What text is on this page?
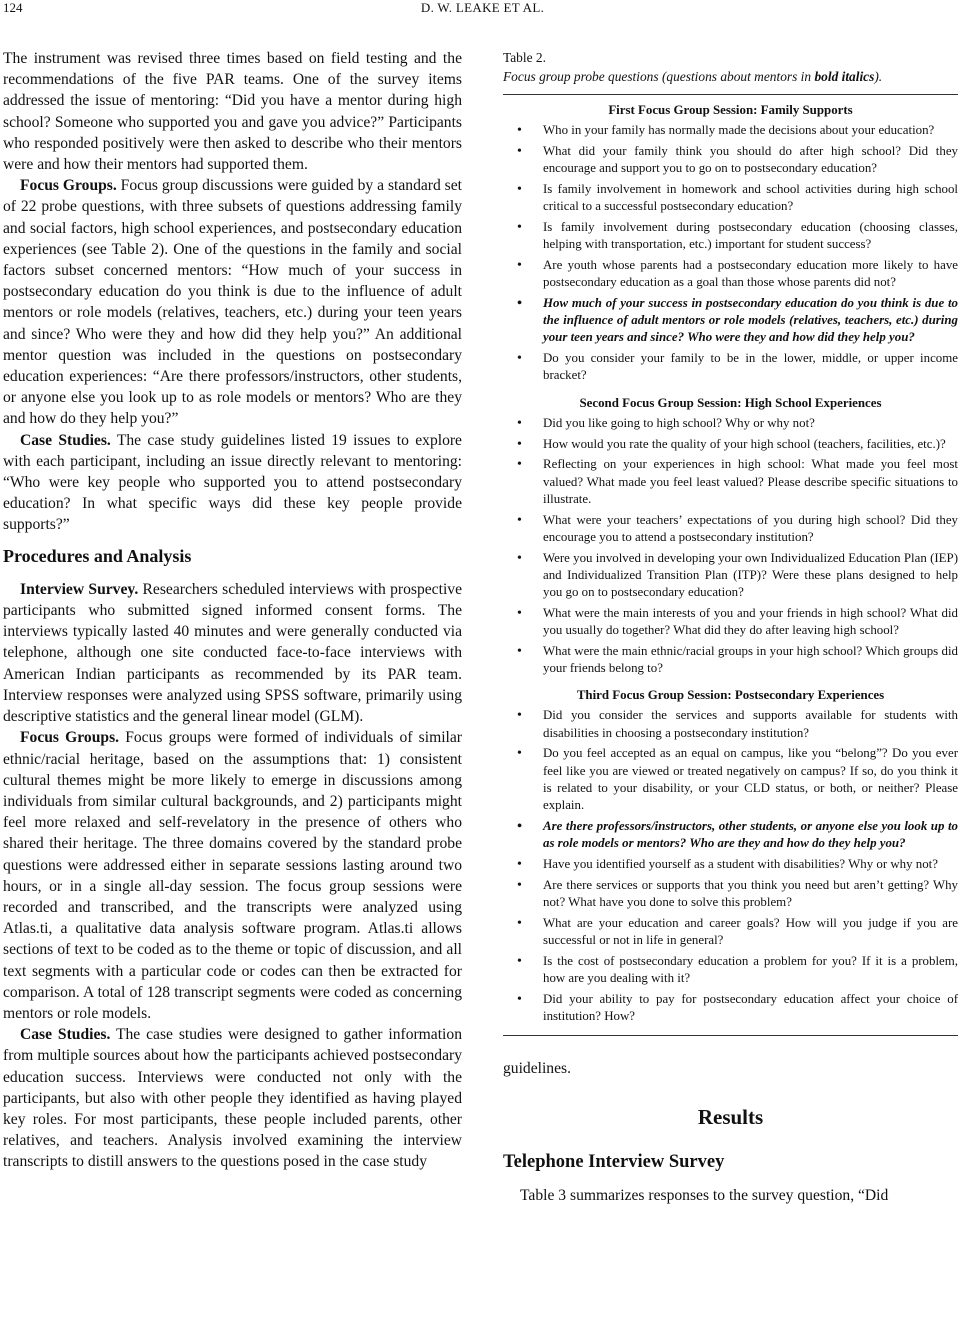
124	D. W. LEAKE ET AL.

The instrument was revised three times based on field testing and the recommendations of the five PAR teams. One of the survey items addressed the issue of mentoring: “Did you have a mentor during high school? Someone who supported you and gave you advice?” Participants who responded positively were then asked to describe who their mentors were and how their mentors had supported them.

Focus Groups. Focus group discussions were guided by a standard set of 22 probe questions, with three subsets of questions addressing family and social factors, high school experiences, and postsecondary education experiences (see Table 2). One of the questions in the family and social factors subset concerned mentors: “How much of your success in postsecondary education do you think is due to the influence of adult mentors or role models (relatives, teachers, etc.) during your teen years and since? Who were they and how did they help you?” An additional mentor question was included in the questions on postsecondary education experiences: “Are there professors/instructors, other students, or anyone else you look up to as role models or mentors? Who are they and how do they help you?”

Case Studies. The case study guidelines listed 19 issues to explore with each participant, including an issue directly relevant to mentoring: “Who were key people who supported you to attend postsecondary education? In what specific ways did these key people provide supports?”

Procedures and Analysis

Interview Survey. Researchers scheduled interviews with prospective participants who submitted signed informed consent forms. The interviews typically lasted 40 minutes and were generally conducted via telephone, although one site conducted face-to-face interviews with American Indian participants as recommended by its PAR team. Interview responses were analyzed using SPSS software, primarily using descriptive statistics and the general linear model (GLM).

Focus Groups. Focus groups were formed of individuals of similar ethnic/racial heritage, based on the assumptions that: 1) consistent cultural themes might be more likely to emerge in discussions among individuals from similar cultural backgrounds, and 2) participants might feel more relaxed and self-revelatory in the presence of others who shared their heritage. The three domains covered by the standard probe questions were addressed either in separate sessions lasting around two hours, or in a single all-day session. The focus group sessions were recorded and transcribed, and the transcripts were analyzed using Atlas.ti, a qualitative data analysis software program. Atlas.ti allows sections of text to be coded as to the theme or topic of discussion, and all text segments with a particular code or codes can then be extracted for comparison. A total of 128 transcript segments were coded as concerning mentors or role models.

Case Studies. The case studies were designed to gather information from multiple sources about how the participants achieved postsecondary education success. Interviews were conducted not only with the participants, but also with other people they identified as having played key roles. For most participants, these people included parents, other relatives, and teachers. Analysis involved examining the interview transcripts to distill answers to the questions posed in the case study

Table 2.
Focus group probe questions (questions about mentors in bold italics).
First Focus Group Session: Family Supports
• Who in your family has normally made the decisions about your education?
• What did your family think you should do after high school? Did they encourage and support you to go on to postsecondary education?
• Is family involvement in homework and school activities during high school critical to a successful postsecondary education?
• Is family involvement during postsecondary education (choosing classes, helping with transportation, etc.) important for student success?
• Are youth whose parents had a postsecondary education more likely to have postsecondary education as a goal than those whose parents did not?
• How much of your success in postsecondary education do you think is due to the influence of adult mentors or role models (relatives, teachers, etc.) during your teen years and since? Who were they and how did they help you?
• Do you consider your family to be in the lower, middle, or upper income bracket?
Second Focus Group Session: High School Experiences
• Did you like going to high school? Why or why not?
• How would you rate the quality of your high school (teachers, facilities, etc.)?
• Reflecting on your experiences in high school: What made you feel most valued? What made you feel least valued? Please describe specific situations to illustrate.
• What were your teachers’ expectations of you during high school? Did they encourage you to attend a postsecondary institution?
• Were you involved in developing your own Individualized Education Plan (IEP) and Individualized Transition Plan (ITP)? Were these plans designed to help you go on to postsecondary education?
• What were the main interests of you and your friends in high school? What did you usually do together? What did they do after leaving high school?
• What were the main ethnic/racial groups in your high school? Which groups did your friends belong to?
Third Focus Group Session: Postsecondary Experiences
• Did you consider the services and supports available for students with disabilities in choosing a postsecondary institution?
• Do you feel accepted as an equal on campus, like you “belong”? Do you ever feel like you are viewed or treated negatively on campus? If so, do you think it is related to your disability, or your CLD status, or both, or neither? Please explain.
• Are there professors/instructors, other students, or anyone else you look up to as role models or mentors? Who are they and how do they help you?
• Have you identified yourself as a student with disabilities? Why or why not?
• Are there services or supports that you think you need but aren’t getting? Why not? What have you done to solve this problem?
• What are your education and career goals? How will you judge if you are successful or not in life in general?
• Is the cost of postsecondary education a problem for you? If it is a problem, how are you dealing with it?
• Did your ability to pay for postsecondary education affect your choice of institution? How?
guidelines.
Results
Telephone Interview Survey

Table 3 summarizes responses to the survey question, “Did
